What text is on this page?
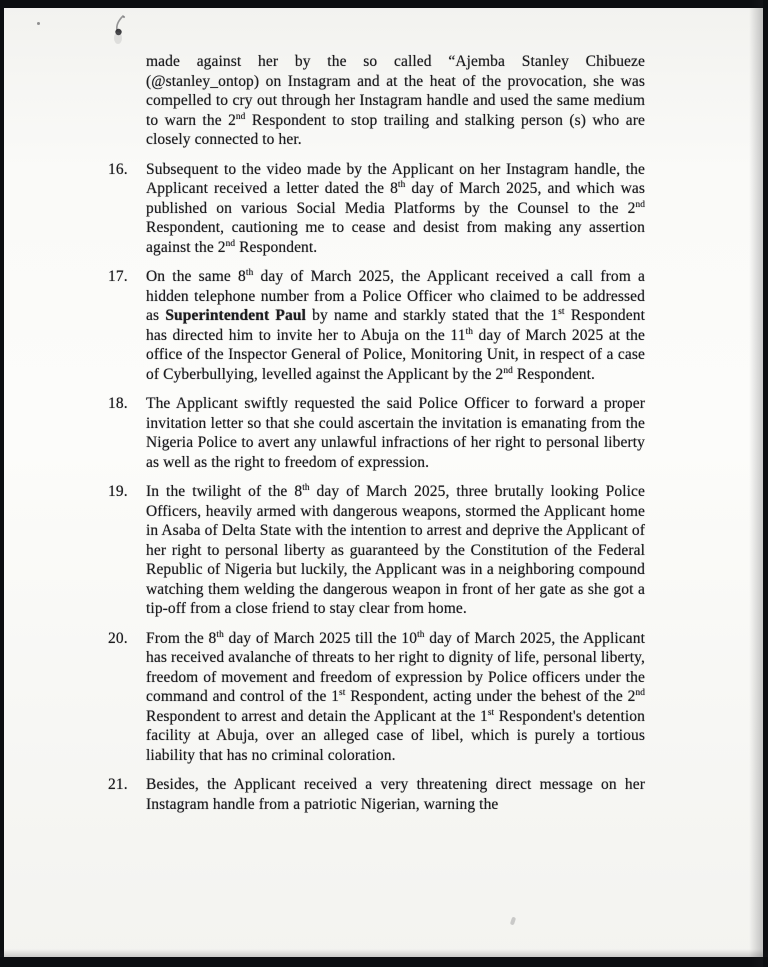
made against her by the so called “Ajemba Stanley Chibueze (@stanley_ontop) on Instagram and at the heat of the provocation, she was compelled to cry out through her Instagram handle and used the same medium to warn the 2nd Respondent to stop trailing and stalking person (s) who are closely connected to her.
16.	Subsequent to the video made by the Applicant on her Instagram handle, the Applicant received a letter dated the 8th day of March 2025, and which was published on various Social Media Platforms by the Counsel to the 2nd Respondent, cautioning me to cease and desist from making any assertion against the 2nd Respondent.
17.	On the same 8th day of March 2025, the Applicant received a call from a hidden telephone number from a Police Officer who claimed to be addressed as Superintendent Paul by name and starkly stated that the 1st Respondent has directed him to invite her to Abuja on the 11th day of March 2025 at the office of the Inspector General of Police, Monitoring Unit, in respect of a case of Cyberbullying, levelled against the Applicant by the 2nd Respondent.
18.	The Applicant swiftly requested the said Police Officer to forward a proper invitation letter so that she could ascertain the invitation is emanating from the Nigeria Police to avert any unlawful infractions of her right to personal liberty as well as the right to freedom of expression.
19.	In the twilight of the 8th day of March 2025, three brutally looking Police Officers, heavily armed with dangerous weapons, stormed the Applicant home in Asaba of Delta State with the intention to arrest and deprive the Applicant of her right to personal liberty as guaranteed by the Constitution of the Federal Republic of Nigeria but luckily, the Applicant was in a neighboring compound watching them welding the dangerous weapon in front of her gate as she got a tip-off from a close friend to stay clear from home.
20.	From the 8th day of March 2025 till the 10th day of March 2025, the Applicant has received avalanche of threats to her right to dignity of life, personal liberty, freedom of movement and freedom of expression by Police officers under the command and control of the 1st Respondent, acting under the behest of the 2nd Respondent to arrest and detain the Applicant at the 1st Respondent's detention facility at Abuja, over an alleged case of libel, which is purely a tortious liability that has no criminal coloration.
21.	Besides, the Applicant received a very threatening direct message on her Instagram handle from a patriotic Nigerian, warning the
